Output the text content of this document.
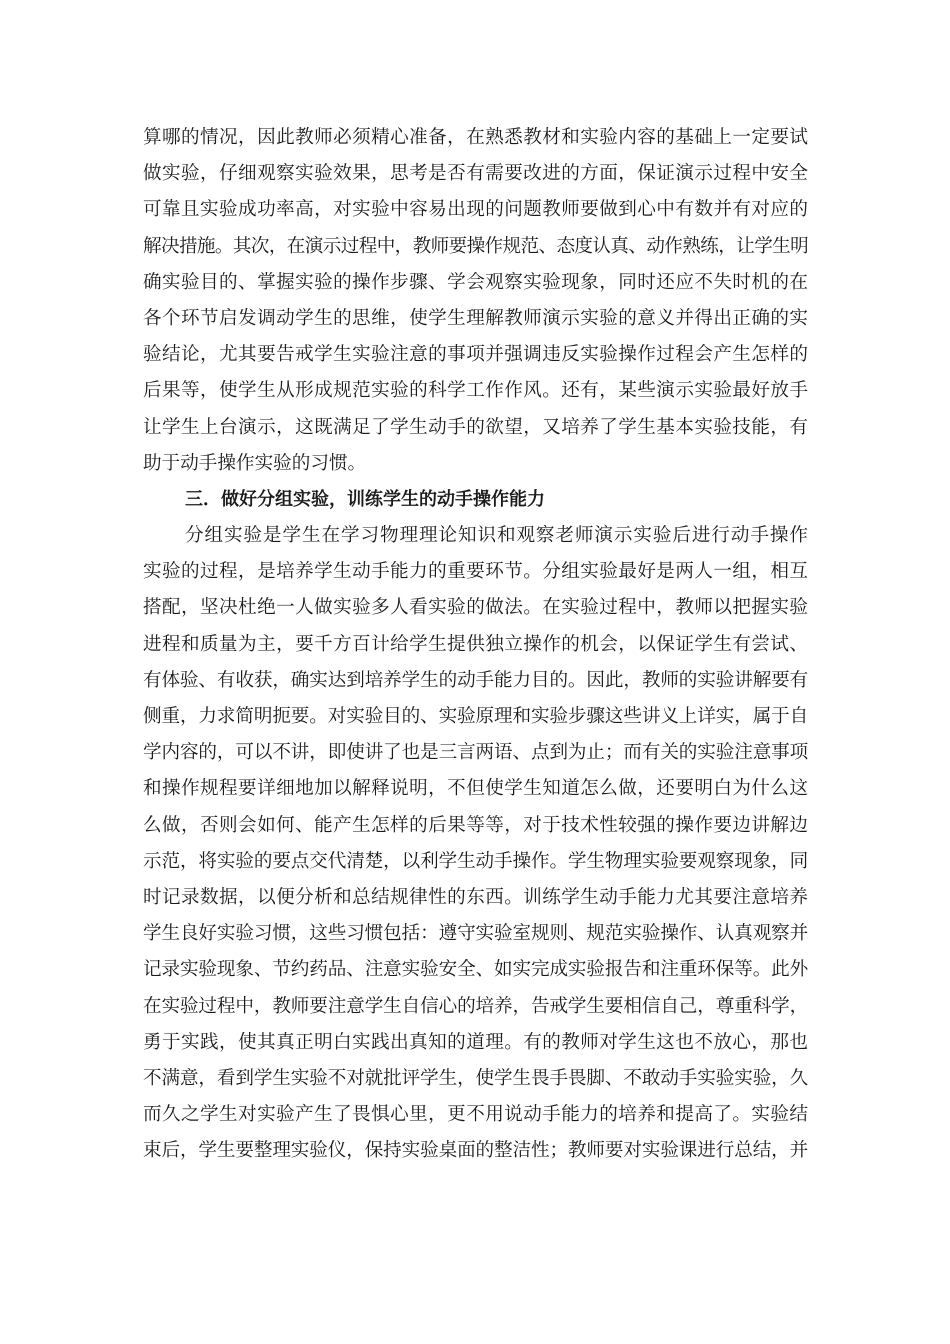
算哪的情况，因此教师必须精心准备，在熟悉教材和实验内容的基础上一定要试
做实验，仔细观察实验效果，思考是否有需要改进的方面，保证演示过程中安全
可靠且实验成功率高，对实验中容易出现的问题教师要做到心中有数并有对应的
解决措施。其次，在演示过程中，教师要操作规范、态度认真、动作熟练，让学生明
确实验目的、掌握实验的操作步骤、学会观察实验现象，同时还应不失时机的在
各个环节启发调动学生的思维，使学生理解教师演示实验的意义并得出正确的实
验结论，尤其要告戒学生实验注意的事项并强调违反实验操作过程会产生怎样的
后果等，使学生从形成规范实验的科学工作作风。还有，某些演示实验最好放手
让学生上台演示，这既满足了学生动手的欲望，又培养了学生基本实验技能，有
助于动手操作实验的习惯。
三．做好分组实验，训练学生的动手操作能力
分组实验是学生在学习物理理论知识和观察老师演示实验后进行动手操作
实验的过程，是培养学生动手能力的重要环节。分组实验最好是两人一组，相互
搭配，坚决杜绝一人做实验多人看实验的做法。在实验过程中，教师以把握实验
进程和质量为主，要千方百计给学生提供独立操作的机会，以保证学生有尝试、
有体验、有收获，确实达到培养学生的动手能力目的。因此，教师的实验讲解要有
侧重，力求简明扼要。对实验目的、实验原理和实验步骤这些讲义上详实，属于自
学内容的，可以不讲，即使讲了也是三言两语、点到为止；而有关的实验注意事项
和操作规程要详细地加以解释说明，不但使学生知道怎么做，还要明白为什么这
么做，否则会如何、能产生怎样的后果等等，对于技术性较强的操作要边讲解边
示范，将实验的要点交代清楚，以利学生动手操作。学生物理实验要观察现象，同
时记录数据，以便分析和总结规律性的东西。训练学生动手能力尤其要注意培养
学生良好实验习惯，这些习惯包括：遵守实验室规则、规范实验操作、认真观察并
记录实验现象、节约药品、注意实验安全、如实完成实验报告和注重环保等。此外
在实验过程中，教师要注意学生自信心的培养，告戒学生要相信自己，尊重科学，
勇于实践，使其真正明白实践出真知的道理。有的教师对学生这也不放心，那也
不满意，看到学生实验不对就批评学生，使学生畏手畏脚、不敢动手实验实验，久
而久之学生对实验产生了畏惧心里，更不用说动手能力的培养和提高了。实验结
束后，学生要整理实验仪，保持实验桌面的整洁性；教师要对实验课进行总结，并
